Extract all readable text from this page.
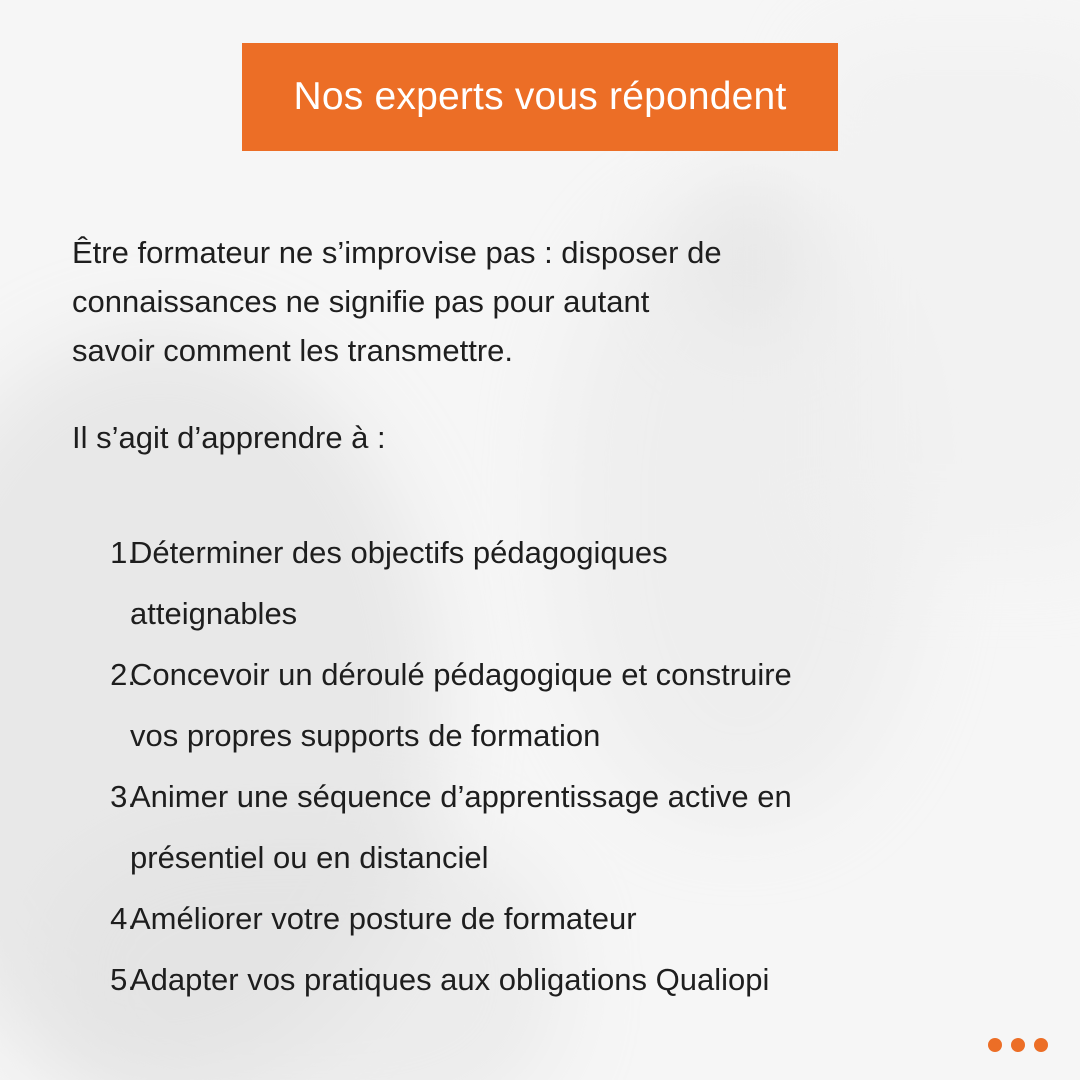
Nos experts vous répondent

Être formateur ne s’improvise pas : disposer de

connaissances ne signifie pas pour autant

savoir comment les transmettre.

Il s’agit d’apprendre à :

1.
Déterminer des objectifs pédagogiques
atteignables
2.
Concevoir un déroulé pédagogique et construire
vos propres supports de formation
3.
Animer une séquence d’apprentissage active en
présentiel ou en distanciel
4.
Améliorer votre posture de formateur
5.
Adapter vos pratiques aux obligations Qualiopi
